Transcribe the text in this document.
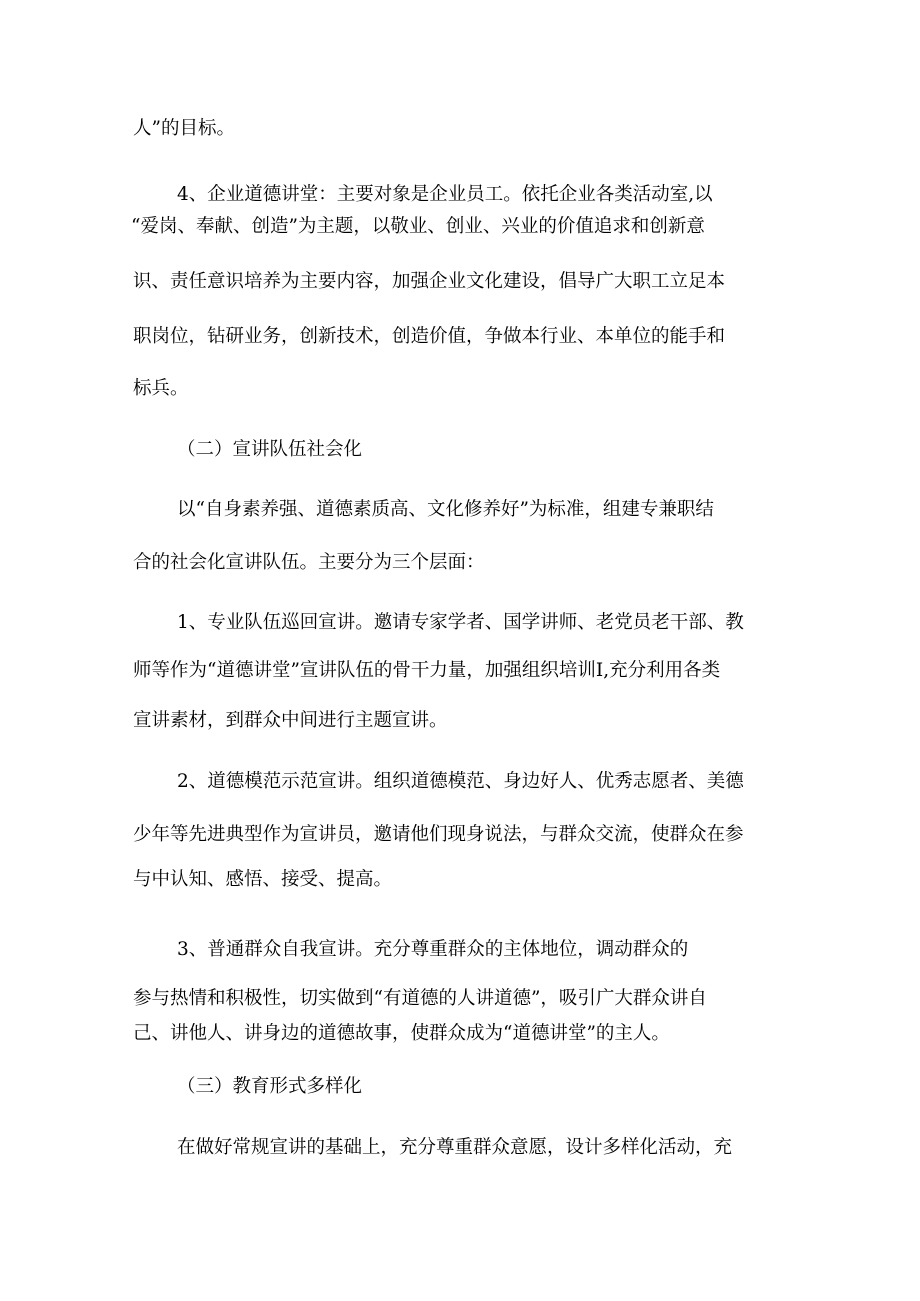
人”的目标。
4、企业道德讲堂：主要对象是企业员工。依托企业各类活动室,以
“爱岗、奉献、创造”为主题，以敬业、创业、兴业的价值追求和创新意
识、责任意识培养为主要内容，加强企业文化建设，倡导广大职工立足本
职岗位，钻研业务，创新技术，创造价值，争做本行业、本单位的能手和
标兵。
（二）宣讲队伍社会化
以“自身素养强、道德素质高、文化修养好”为标准，组建专兼职结
合的社会化宣讲队伍。主要分为三个层面：
1、专业队伍巡回宣讲。邀请专家学者、国学讲师、老党员老干部、教
师等作为“道德讲堂”宣讲队伍的骨干力量，加强组织培训I,充分利用各类
宣讲素材，到群众中间进行主题宣讲。
2、道德模范示范宣讲。组织道德模范、身边好人、优秀志愿者、美德
少年等先进典型作为宣讲员，邀请他们现身说法，与群众交流，使群众在参
与中认知、感悟、接受、提高。
3、普通群众自我宣讲。充分尊重群众的主体地位，调动群众的
参与热情和积极性，切实做到“有道德的人讲道德”，吸引广大群众讲自
己、讲他人、讲身边的道德故事，使群众成为“道德讲堂”的主人。
（三）教育形式多样化
在做好常规宣讲的基础上，充分尊重群众意愿，设计多样化活动，充
